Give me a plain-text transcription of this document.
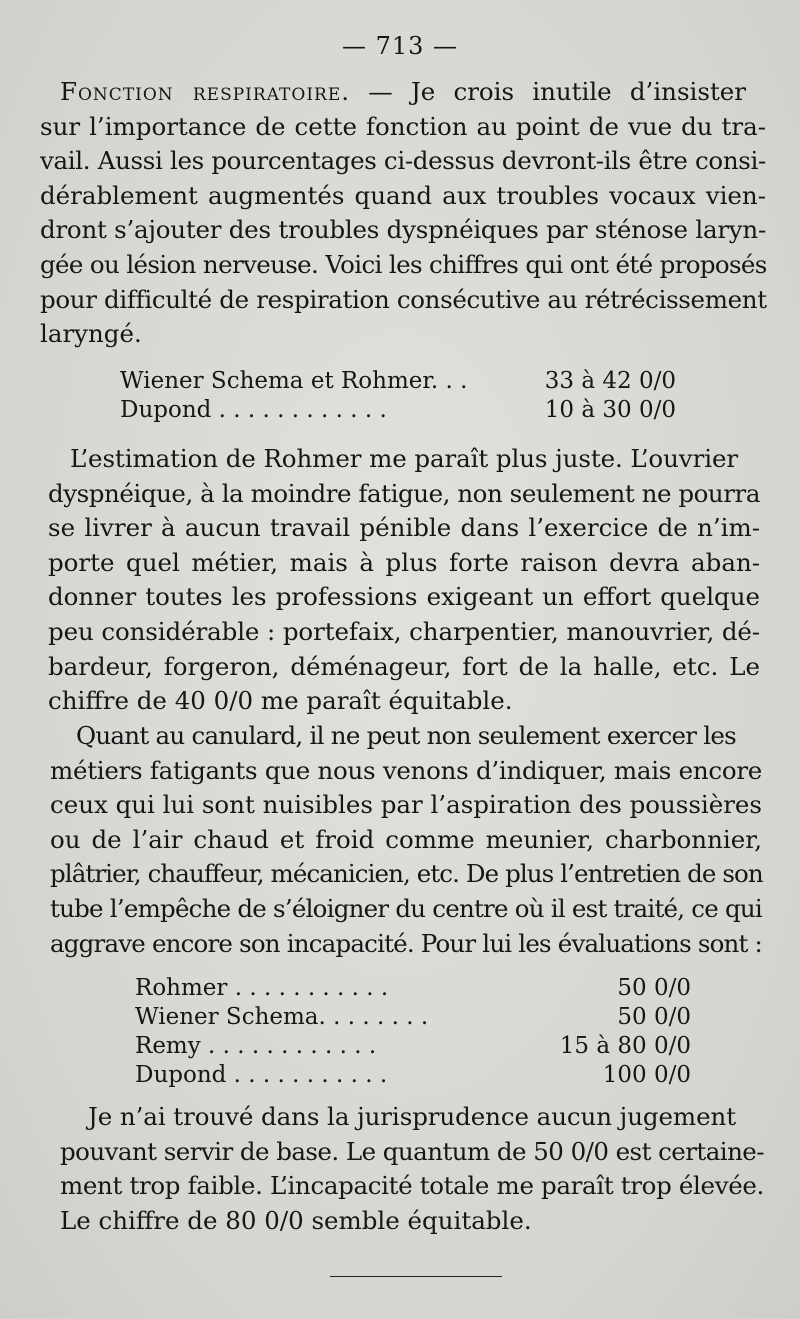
— 713 —
Fonction respiratoire. — Je crois inutile d’insister
sur l’importance de cette fonction au point de vue du tra-
vail. Aussi les pourcentages ci-dessus devront-ils être consi-
dérablement augmentés quand aux troubles vocaux vien-
dront s’ajouter des troubles dyspnéiques par sténose laryn-
gée ou lésion nerveuse. Voici les chiffres qui ont été proposés
pour difficulté de respiration consécutive au rétrécissement
laryngé.
Wiener Schema et Rohmer. . .	33 à 42 0/0
Dupond . . . . . . . . . . . .	10 à 30 0/0
L’estimation de Rohmer me paraît plus juste. L’ouvrier
dyspnéique, à la moindre fatigue, non seulement ne pourra
se livrer à aucun travail pénible dans l’exercice de n’im-
porte quel métier, mais à plus forte raison devra aban-
donner toutes les professions exigeant un effort quelque
peu considérable : portefaix, charpentier, manouvrier, dé-
bardeur, forgeron, déménageur, fort de la halle, etc. Le
chiffre de 40 0/0 me paraît équitable.
Quant au canulard, il ne peut non seulement exercer les
métiers fatigants que nous venons d’indiquer, mais encore
ceux qui lui sont nuisibles par l’aspiration des poussières
ou de l’air chaud et froid comme meunier, charbonnier,
plâtrier, chauffeur, mécanicien, etc. De plus l’entretien de son
tube l’empêche de s’éloigner du centre où il est traité, ce qui
aggrave encore son incapacité. Pour lui les évaluations sont :
Rohmer . . . . . . . . . . .	50 0/0
Wiener Schema. . . . . . . .	50 0/0
Remy . . . . . . . . . . . .	15 à 80 0/0
Dupond . . . . . . . . . . .	100 0/0
Je n’ai trouvé dans la jurisprudence aucun jugement
pouvant servir de base. Le quantum de 50 0/0 est certaine-
ment trop faible. L’incapacité totale me paraît trop élevée.
Le chiffre de 80 0/0 semble équitable.
